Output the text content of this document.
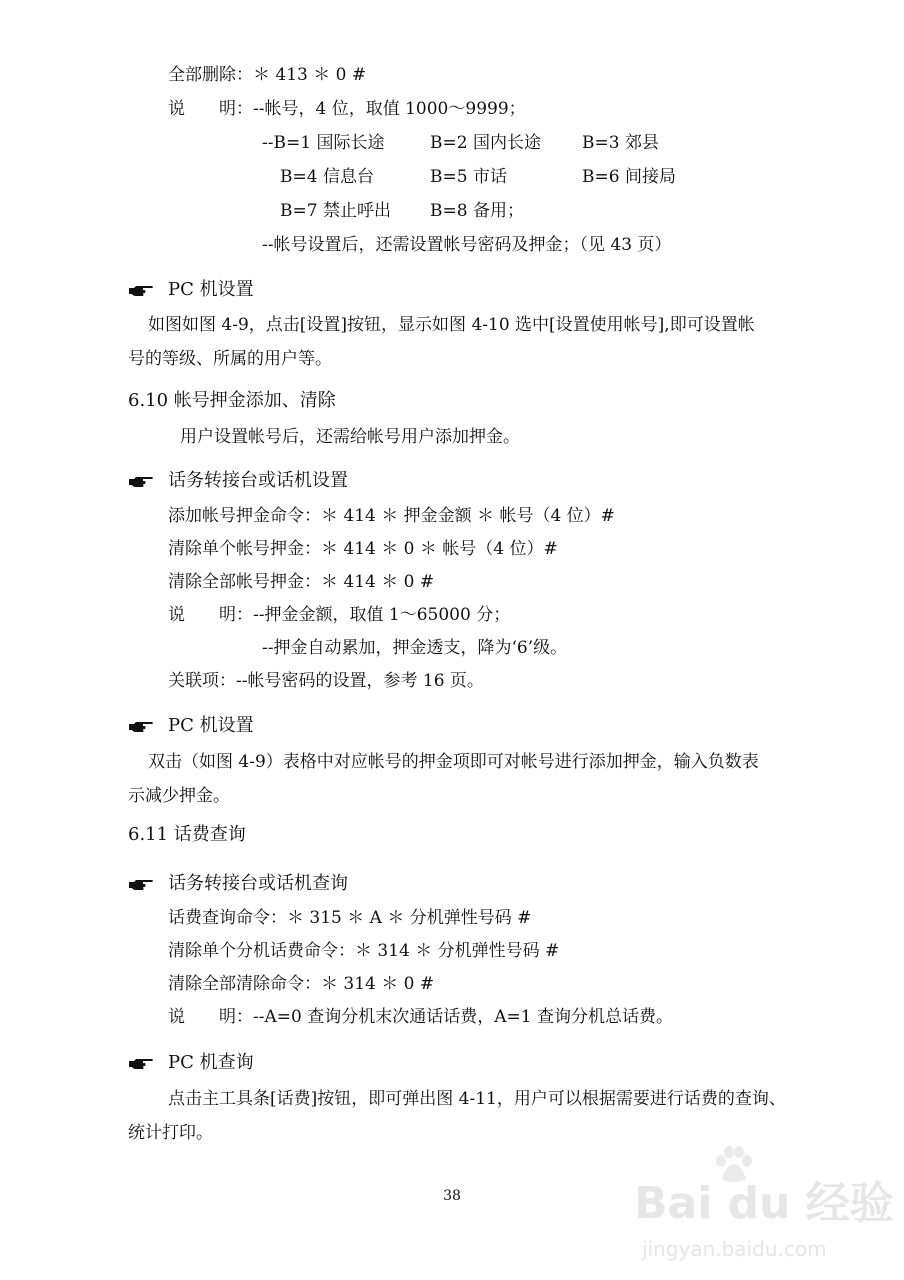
全部删除：＊ 413 ＊ 0 #
说　　明：--帐号，4 位，取值 1000～9999；
--B=1 国际长途	B=2 国内长途 B=3 郊县
B=4 信息台	B=5 市话	B=6 间接局
B=7 禁止呼出 B=8 备用；
--帐号设置后，还需设置帐号密码及押金；（见 43 页）
PC 机设置
如图如图 4-9，点击[设置]按钮，显示如图 4-10 选中[设置使用帐号],即可设置帐
号的等级、所属的用户等。
6.10 帐号押金添加、清除
用户设置帐号后，还需给帐号用户添加押金。
话务转接台或话机设置
添加帐号押金命令：＊ 414 ＊ 押金金额 ＊ 帐号（4 位）#
清除单个帐号押金：＊ 414 ＊ 0 ＊ 帐号（4 位）#
清除全部帐号押金：＊ 414 ＊ 0 #
说　　明：--押金金额，取值 1～65000 分；
--押金自动累加，押金透支，降为‘6’级。
关联项：--帐号密码的设置，参考 16 页。
PC 机设置
双击（如图 4-9）表格中对应帐号的押金项即可对帐号进行添加押金，输入负数表
示减少押金。
6.11 话费查询
话务转接台或话机查询
话费查询命令：＊ 315 ＊ A ＊ 分机弹性号码 #
清除单个分机话费命令：＊ 314 ＊ 分机弹性号码 #
清除全部清除命令：＊ 314 ＊ 0 #
说　　明：--A=0 查询分机末次通话话费，A=1 查询分机总话费。
PC 机查询
点击主工具条[话费]按钮，即可弹出图 4-11，用户可以根据需要进行话费的查询、
统计打印。
38	Bai du 经验
jingyan.baidu.com
